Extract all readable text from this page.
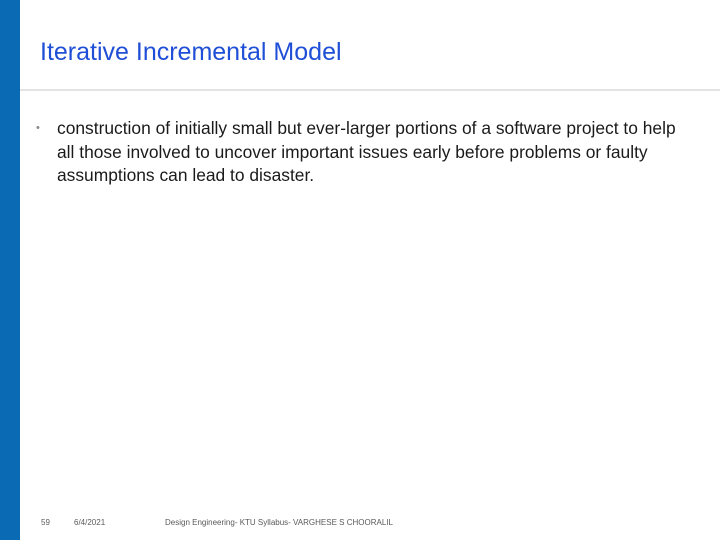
Iterative Incremental Model
• construction of initially small but ever-larger portions of a software project to help all those involved to uncover important issues early before problems or faulty assumptions can lead to disaster.
59	6/4/2021	Design Engineering- KTU Syllabus- VARGHESE S CHOORALIL
